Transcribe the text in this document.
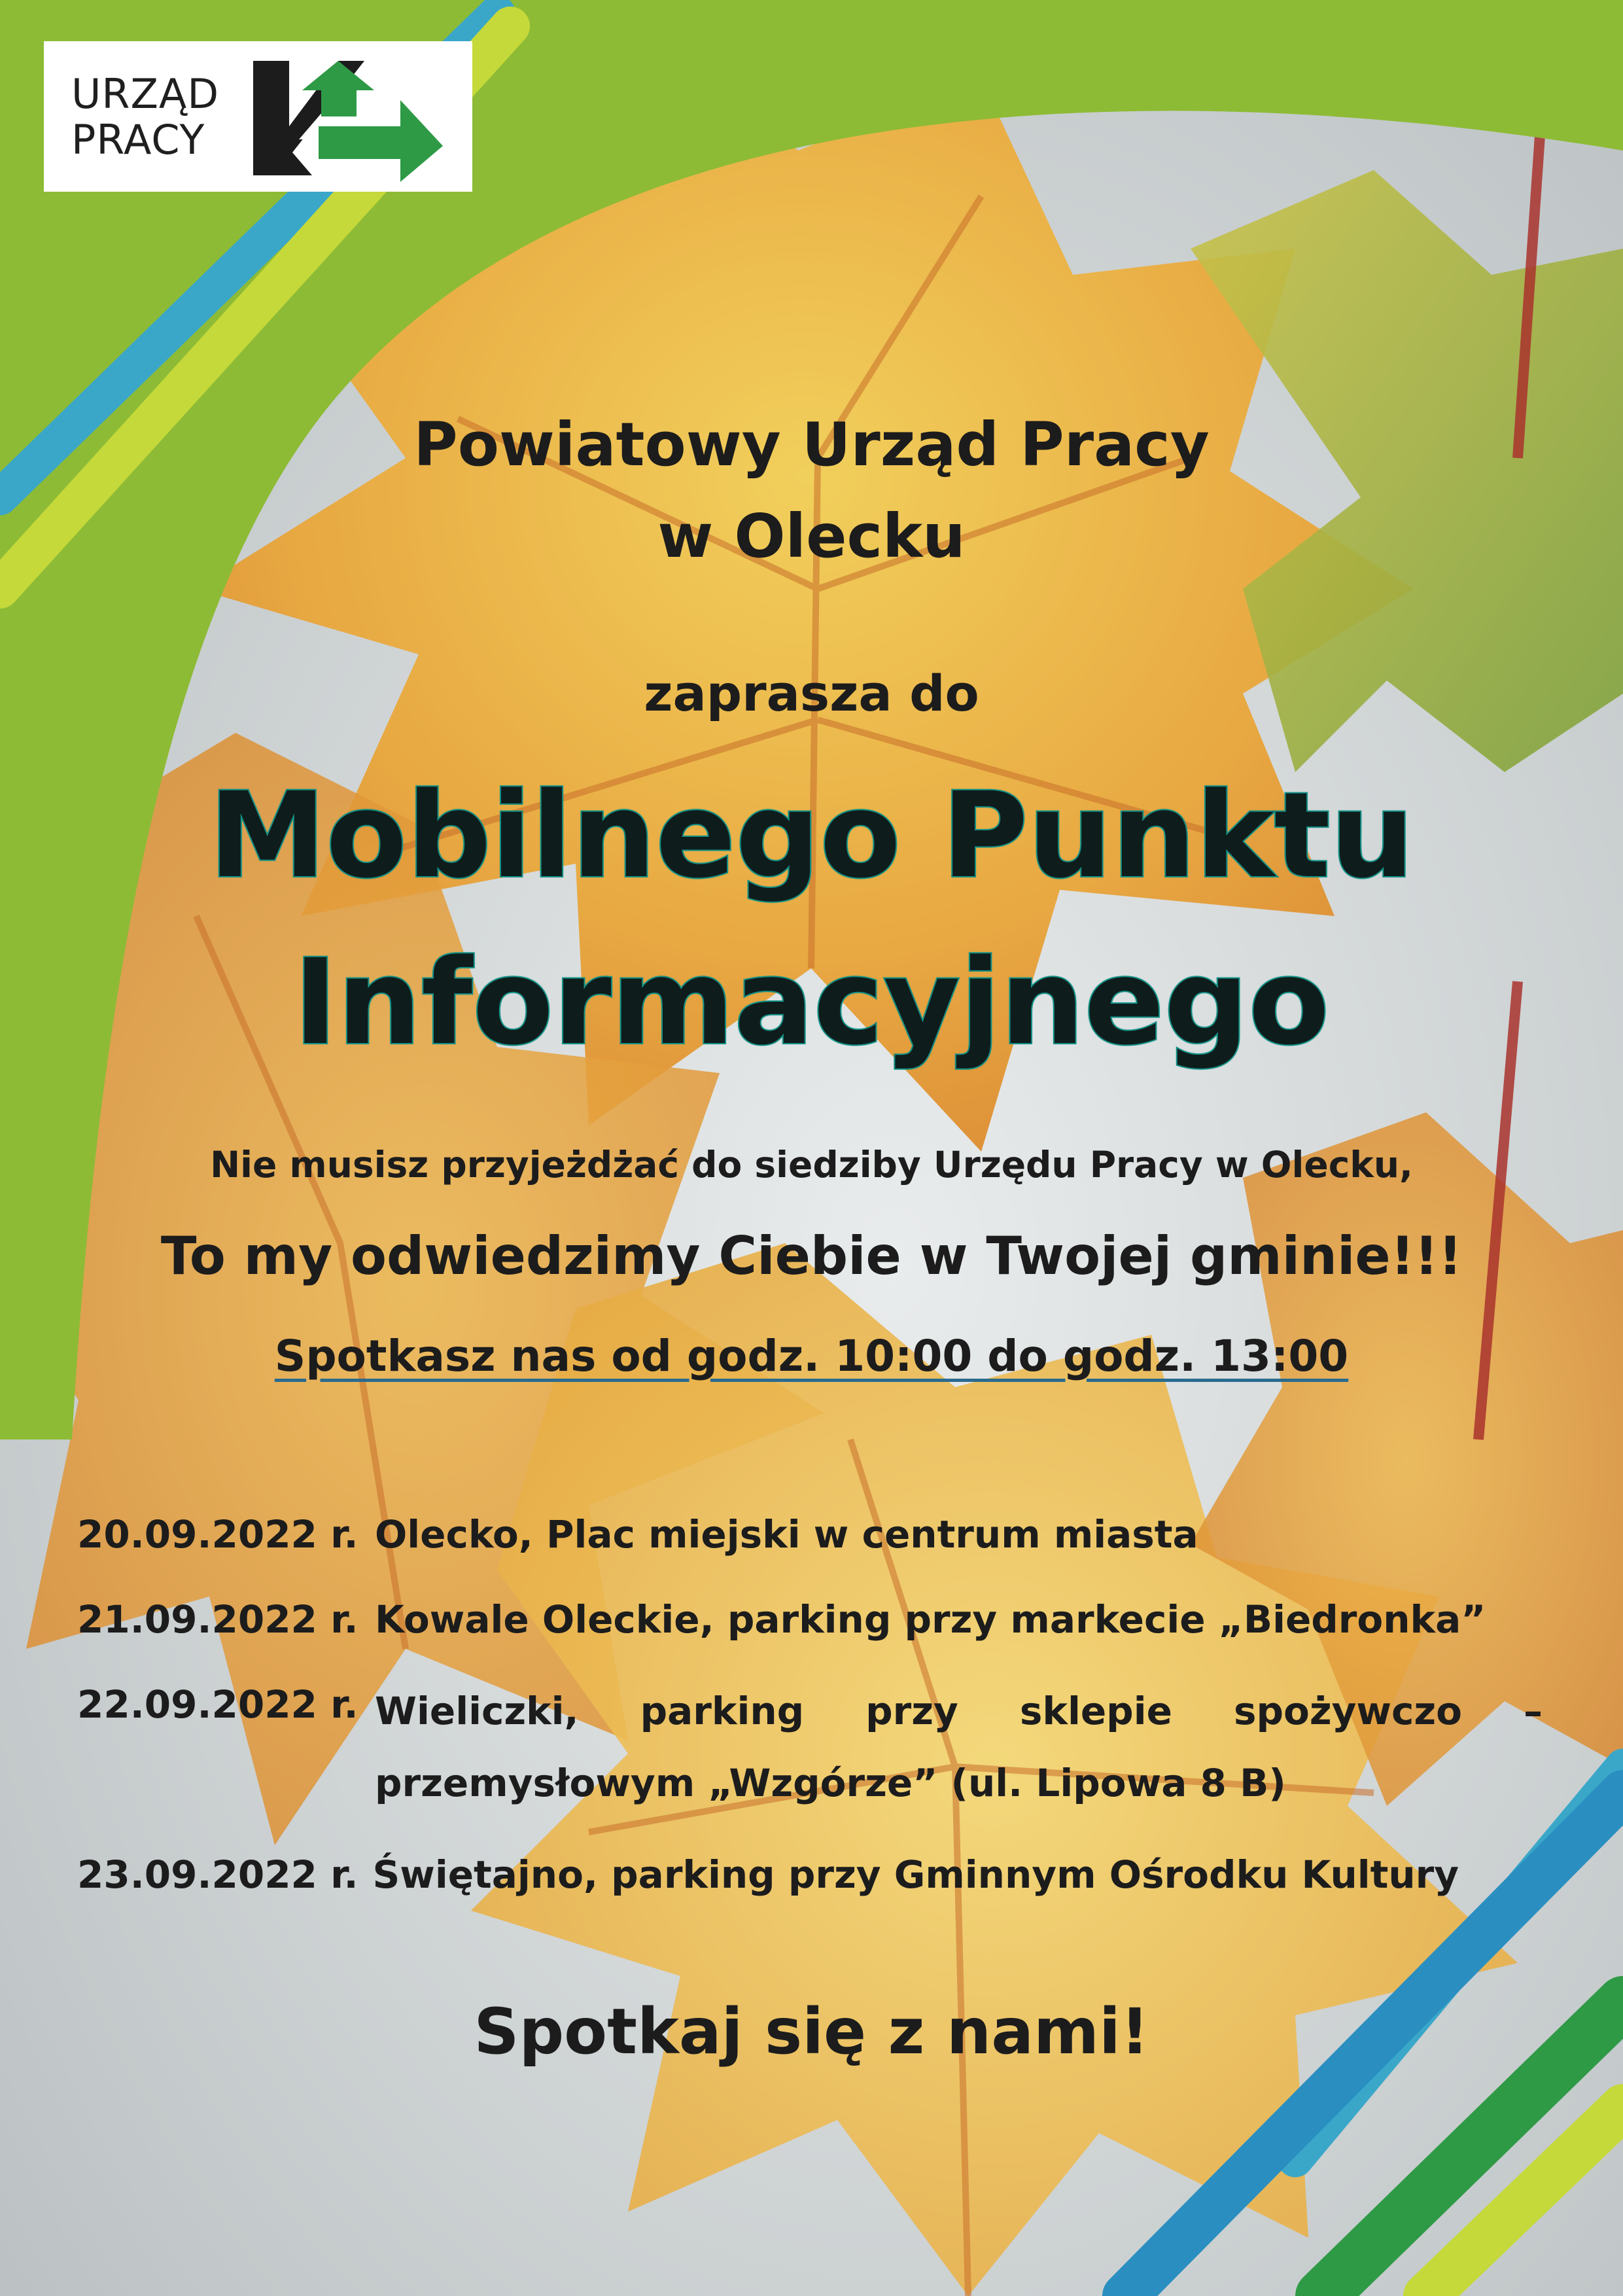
URZĄD
PRACY
Powiatowy Urząd Pracy
w Olecku
zaprasza do
Mobilnego Punktu
Informacyjnego
Nie musisz przyjeżdżać do siedziby Urzędu Pracy w Olecku,
To my odwiedzimy Ciebie w Twojej gminie!!!
Spotkasz nas od godz. 10:00 do godz. 13:00
20.09.2022 r. Olecko, Plac miejski w centrum miasta
21.09.2022 r. Kowale Oleckie, parking przy markecie „Biedronka”
22.09.2022 r. Wieliczki, parking przy sklepie spożywczo – przemysłowym „Wzgórze” (ul. Lipowa 8 B)
23.09.2022 r. Świętajno, parking przy Gminnym Ośrodku Kultury
Spotkaj się z nami!
